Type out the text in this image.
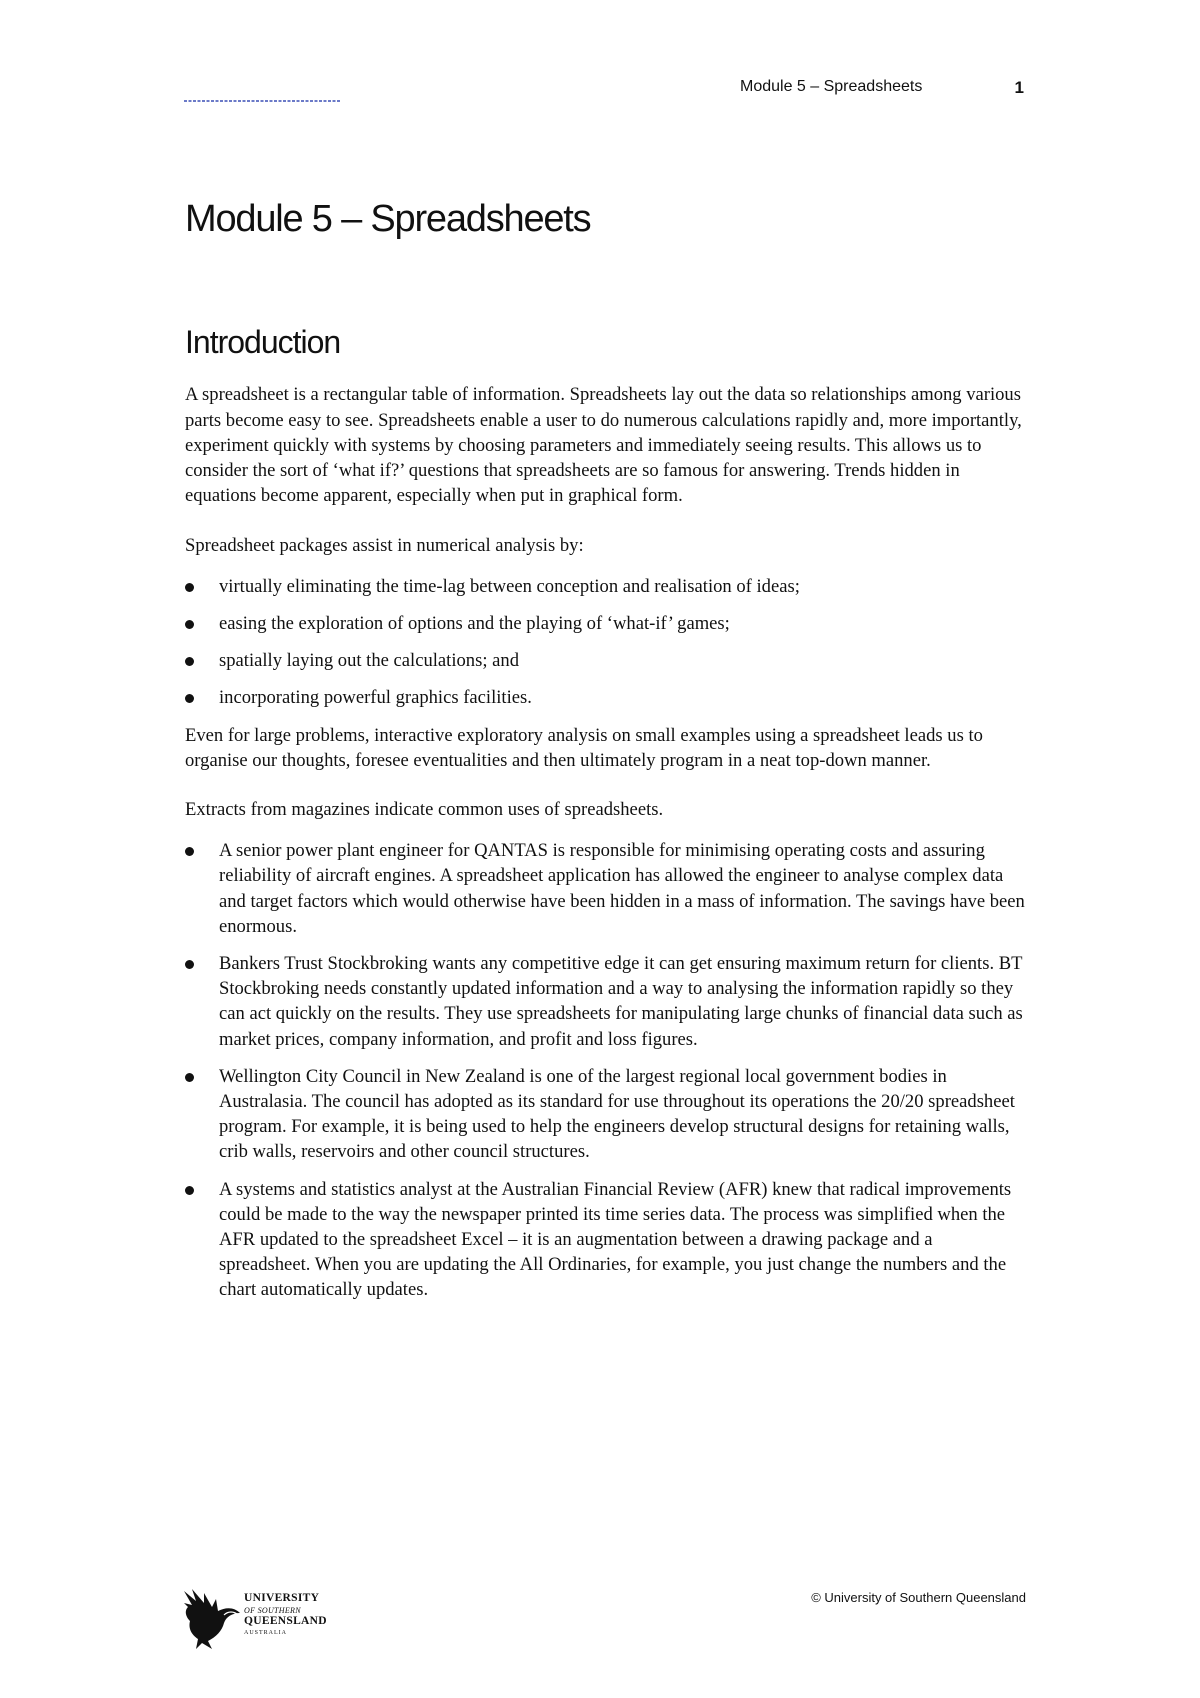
Module 5 – Spreadsheets	1
Module 5 – Spreadsheets
Introduction

A spreadsheet is a rectangular table of information. Spreadsheets lay out the data so relationships among various parts become easy to see. Spreadsheets enable a user to do numerous calculations rapidly and, more importantly, experiment quickly with systems by choosing parameters and immediately seeing results. This allows us to consider the sort of ‘what if?’ questions that spreadsheets are so famous for answering. Trends hidden in equations become apparent, especially when put in graphical form.

Spreadsheet packages assist in numerical analysis by:

virtually eliminating the time-lag between conception and realisation of ideas;
easing the exploration of options and the playing of ‘what-if’ games;
spatially laying out the calculations; and
incorporating powerful graphics facilities.

Even for large problems, interactive exploratory analysis on small examples using a spreadsheet leads us to organise our thoughts, foresee eventualities and then ultimately program in a neat top-down manner.

Extracts from magazines indicate common uses of spreadsheets.

A senior power plant engineer for QANTAS is responsible for minimising operating costs and assuring reliability of aircraft engines. A spreadsheet application has allowed the engineer to analyse complex data and target factors which would otherwise have been hidden in a mass of information. The savings have been enormous.
Bankers Trust Stockbroking wants any competitive edge it can get ensuring maximum return for clients. BT Stockbroking needs constantly updated information and a way to analysing the information rapidly so they can act quickly on the results. They use spreadsheets for manipulating large chunks of financial data such as market prices, company information, and profit and loss figures.
Wellington City Council in New Zealand is one of the largest regional local government bodies in Australasia. The council has adopted as its standard for use throughout its operations the 20/20 spreadsheet program. For example, it is being used to help the engineers develop structural designs for retaining walls, crib walls, reservoirs and other council structures.
A systems and statistics analyst at the Australian Financial Review (AFR) knew that radical improvements could be made to the way the newspaper printed its time series data. The process was simplified when the AFR updated to the spreadsheet Excel – it is an augmentation between a drawing package and a spreadsheet. When you are updating the All Ordinaries, for example, you just change the numbers and the chart automatically updates.
UNIVERSITY
OF SOUTHERN
QUEENSLAND
AUSTRALIA
© University of Southern Queensland
